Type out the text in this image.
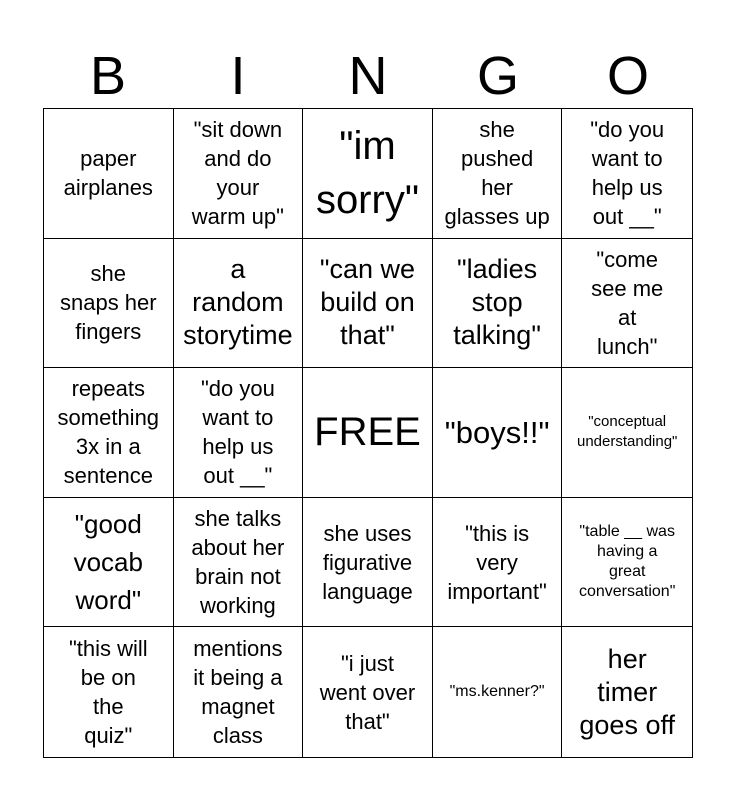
B	I	N	G	O
paper
airplanes
"sit down
and do
your
warm up"
"im
sorry"
she
pushed
her
glasses up
"do you
want to
help us
out __"
she
snaps her
fingers
a
random
storytime
"can we
build on
that"
"ladies
stop
talking"
"come
see me
at
lunch"
repeats
something
3x in a
sentence
"do you
want to
help us
out __"
FREE "boys!!"	"conceptual
understanding"
"good
vocab
word"
she talks
about her
brain not
working
she uses
figurative
language
"this is
very
important"
"table __ was
having a
great
conversation"
"this will
be on
the
quiz"
mentions
it being a
magnet
class
"i just
went over
that"
"ms.kenner?"
her
timer
goes off
